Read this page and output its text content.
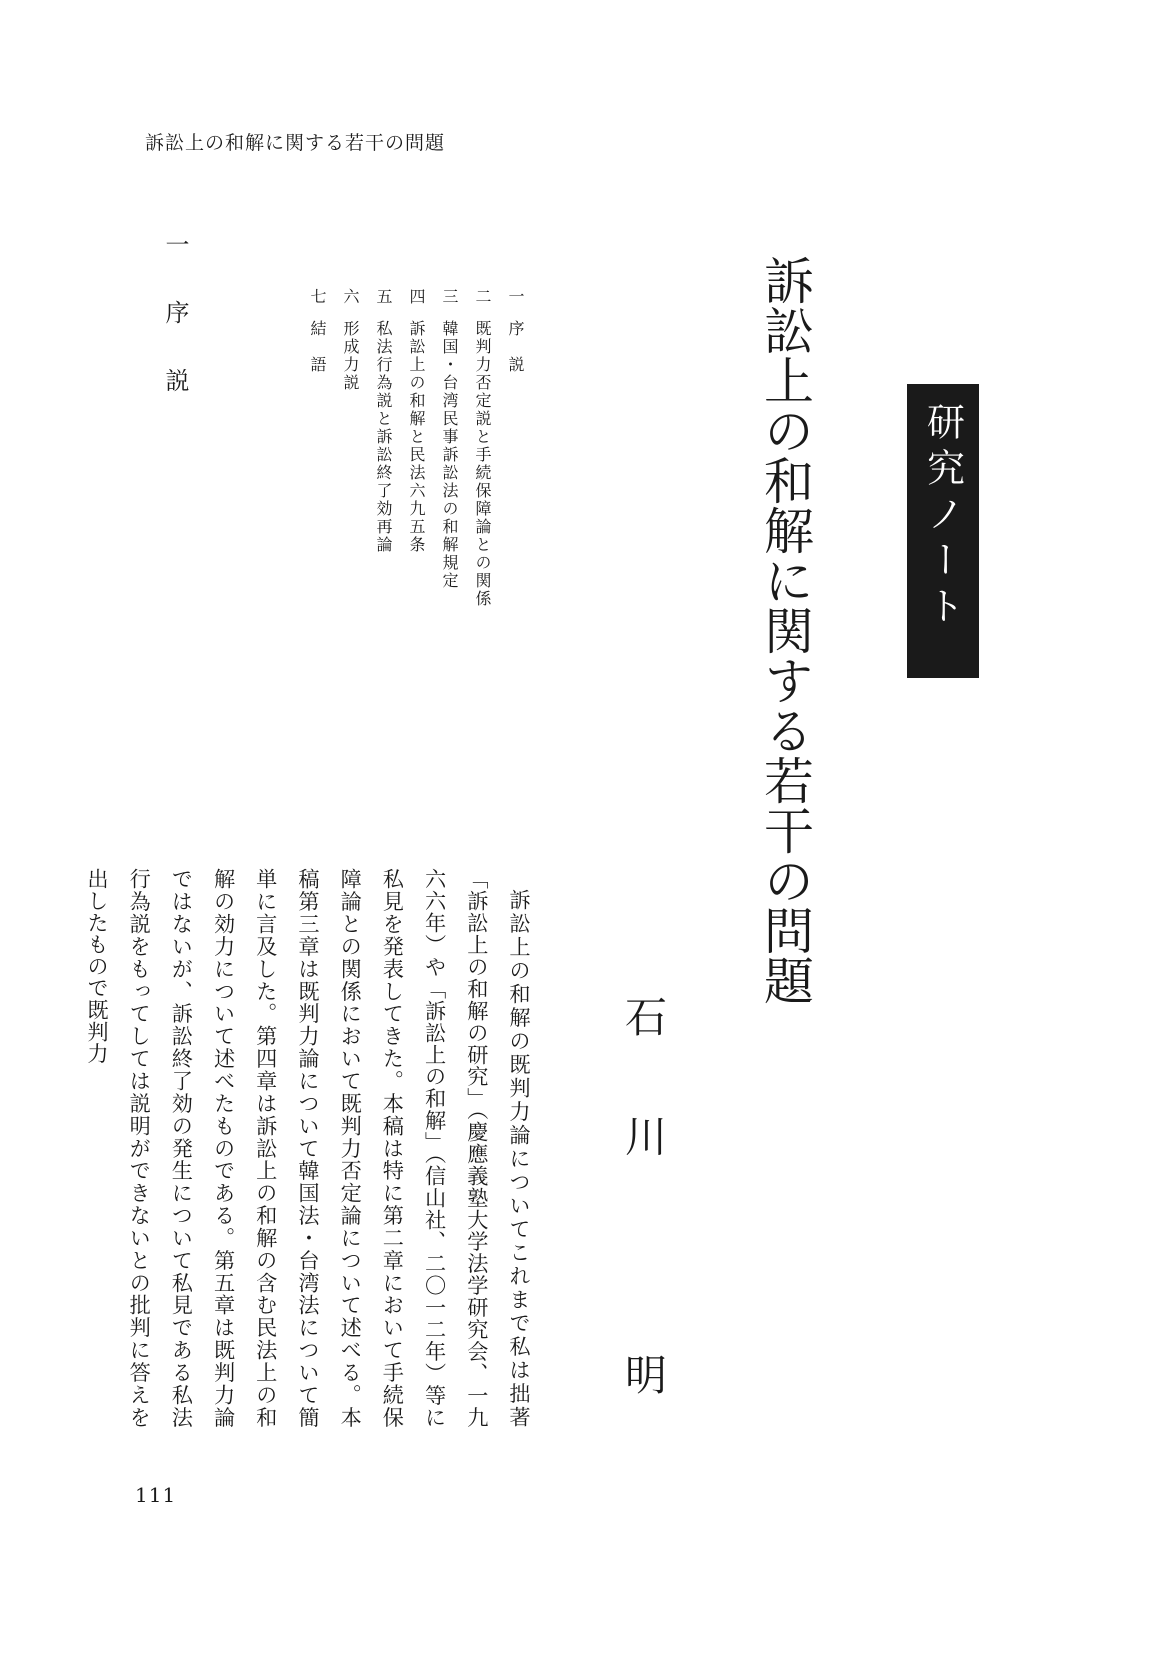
訴訟上の和解に関する若干の問題
訴訟上の和解に関する若干の問題	研究ノート
石川　明
一序　説
二既判力否定説と手続保障論との関係
三韓国・台湾民事訴訟法の和解規定
四訴訟上の和解と民法六九五条
五私法行為説と訴訟終了効再論
六形成力説
七結　語
一　序　説
訴訟上の和解の既判力論についてこれまで私は拙著「訴訟上の和解の研究」（慶應義塾大学法学研究会、一九六六年）や「訴訟上の和解」（信山社、二〇一二年）等に私見を発表してきた。本稿は特に第二章において手続保障論との関係において既判力否定論について述べる。本稿第三章は既判力論について韓国法・台湾法について簡単に言及した。第四章は訴訟上の和解の含む民法上の和解の効力について述べたものである。第五章は既判力論ではないが、訴訟終了効の発生について私見である私法行為説をもってしては説明ができないとの批判に答えを出したもので既判力
111
